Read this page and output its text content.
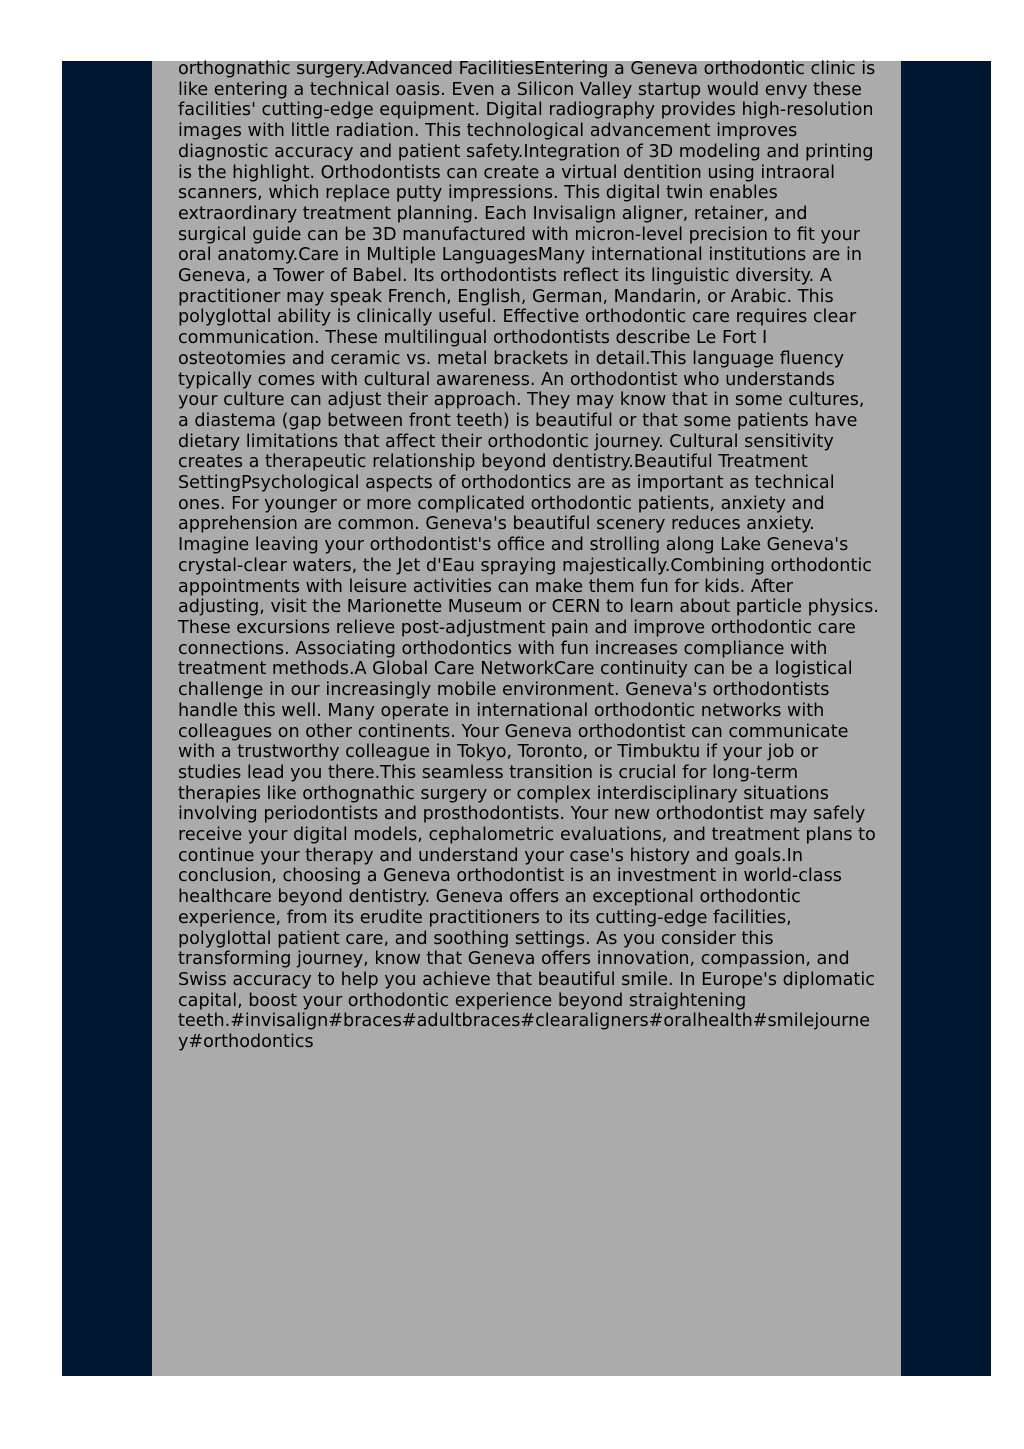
orthognathic surgery.Advanced FacilitiesEntering a Geneva orthodontic clinic is like entering a technical oasis. Even a Silicon Valley startup would envy these facilities' cutting-edge equipment. Digital radiography provides high-resolution images with little radiation. This technological advancement improves diagnostic accuracy and patient safety.Integration of 3D modeling and printing is the highlight. Orthodontists can create a virtual dentition using intraoral scanners, which replace putty impressions. This digital twin enables extraordinary treatment planning. Each Invisalign aligner, retainer, and surgical guide can be 3D manufactured with micron-level precision to fit your oral anatomy.Care in Multiple LanguagesMany international institutions are in Geneva, a Tower of Babel. Its orthodontists reflect its linguistic diversity. A practitioner may speak French, English, German, Mandarin, or Arabic. This polyglottal ability is clinically useful. Effective orthodontic care requires clear communication. These multilingual orthodontists describe Le Fort I osteotomies and ceramic vs. metal brackets in detail.This language fluency typically comes with cultural awareness. An orthodontist who understands your culture can adjust their approach. They may know that in some cultures, a diastema (gap between front teeth) is beautiful or that some patients have dietary limitations that affect their orthodontic journey. Cultural sensitivity creates a therapeutic relationship beyond dentistry.Beautiful Treatment SettingPsychological aspects of orthodontics are as important as technical ones. For younger or more complicated orthodontic patients, anxiety and apprehension are common. Geneva's beautiful scenery reduces anxiety. Imagine leaving your orthodontist's office and strolling along Lake Geneva's crystal-clear waters, the Jet d'Eau spraying majestically.Combining orthodontic appointments with leisure activities can make them fun for kids. After adjusting, visit the Marionette Museum or CERN to learn about particle physics. These excursions relieve post-adjustment pain and improve orthodontic care connections. Associating orthodontics with fun increases compliance with treatment methods.A Global Care NetworkCare continuity can be a logistical challenge in our increasingly mobile environment. Geneva's orthodontists handle this well. Many operate in international orthodontic networks with colleagues on other continents. Your Geneva orthodontist can communicate with a trustworthy colleague in Tokyo, Toronto, or Timbuktu if your job or studies lead you there.This seamless transition is crucial for long-term therapies like orthognathic surgery or complex interdisciplinary situations involving periodontists and prosthodontists. Your new orthodontist may safely receive your digital models, cephalometric evaluations, and treatment plans to continue your therapy and understand your case's history and goals.In conclusion, choosing a Geneva orthodontist is an investment in world-class healthcare beyond dentistry. Geneva offers an exceptional orthodontic experience, from its erudite practitioners to its cutting-edge facilities, polyglottal patient care, and soothing settings. As you consider this transforming journey, know that Geneva offers innovation, compassion, and Swiss accuracy to help you achieve that beautiful smile. In Europe's diplomatic capital, boost your orthodontic experience beyond straightening teeth.#invisalign#braces#adultbraces#clearaligners#oralhealth#smilejourney#orthodontics
